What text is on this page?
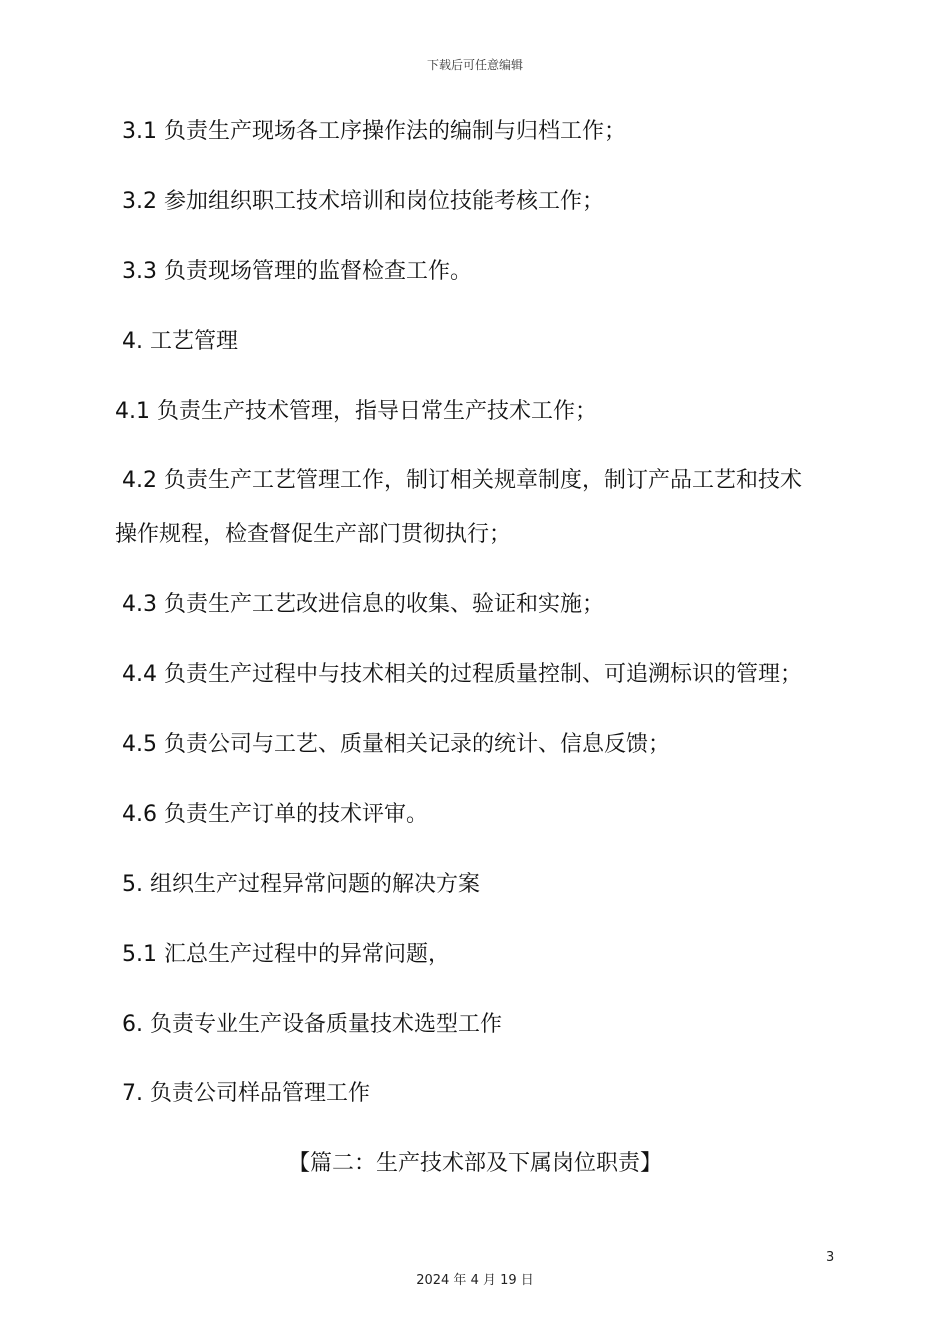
下载后可任意编辑
3.1 负责生产现场各工序操作法的编制与归档工作；
3.2 参加组织职工技术培训和岗位技能考核工作；
3.3 负责现场管理的监督检查工作。
4. 工艺管理
4.1 负责生产技术管理，指导日常生产技术工作；
4.2 负责生产工艺管理工作，制订相关规章制度，制订产品工艺和技术
操作规程，检查督促生产部门贯彻执行；
4.3 负责生产工艺改进信息的收集、验证和实施；
4.4 负责生产过程中与技术相关的过程质量控制、可追溯标识的管理；
4.5 负责公司与工艺、质量相关记录的统计、信息反馈；
4.6 负责生产订单的技术评审。
5. 组织生产过程异常问题的解决方案
5.1 汇总生产过程中的异常问题，
6. 负责专业生产设备质量技术选型工作
7. 负责公司样品管理工作
【篇二：生产技术部及下属岗位职责】
3
2024 年 4 月 19 日
